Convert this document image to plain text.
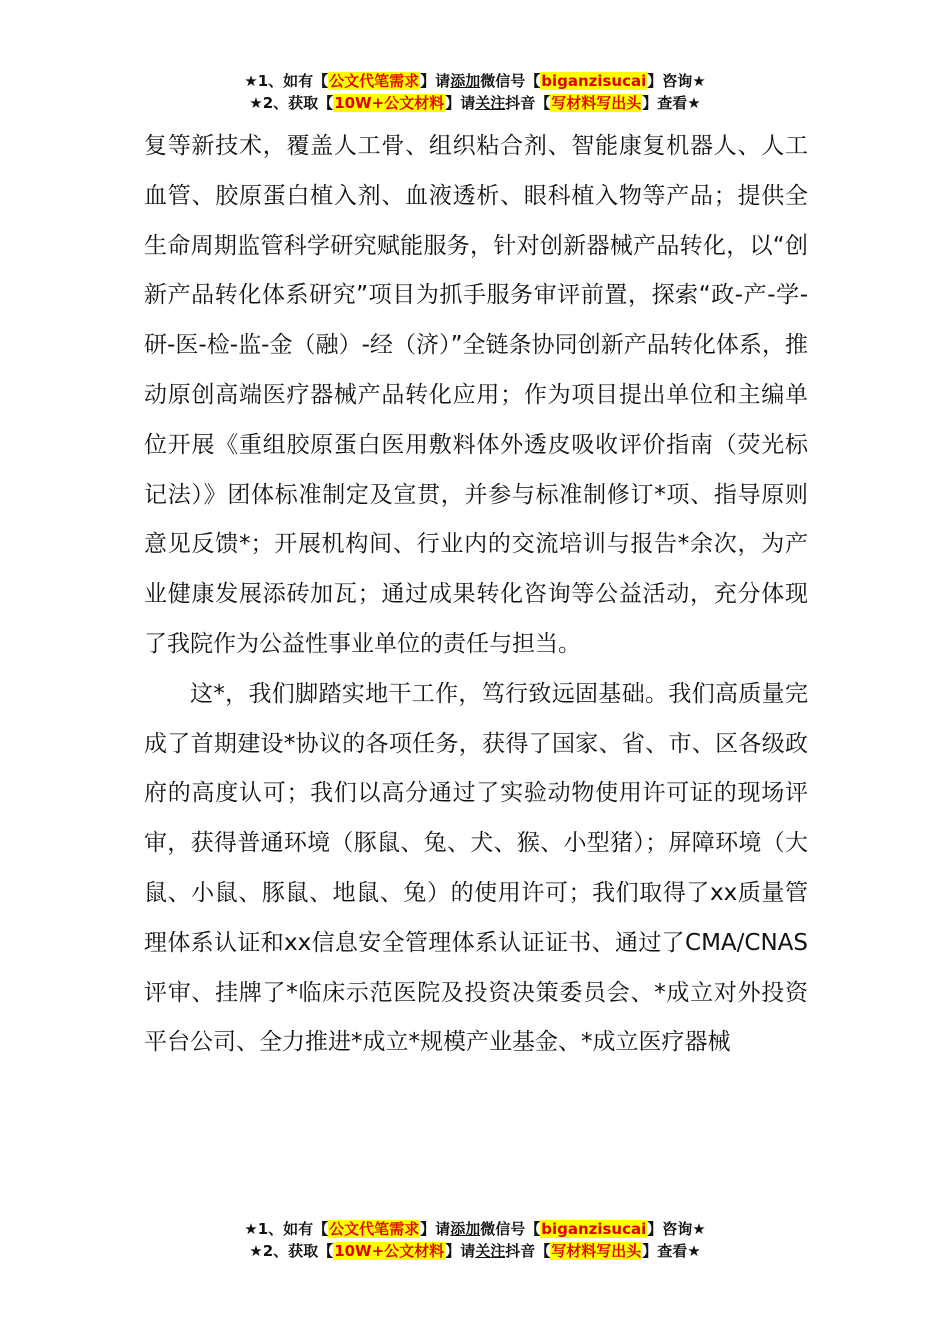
★1、如有【公文代笔需求】请添加微信号【biganzisucai】咨询★
★2、获取【10W+公文材料】请关注抖音【写材料写出头】查看★

复等新技术，覆盖人工骨、组织粘合剂、智能康复机器人、人工血管、胶原蛋白植入剂、血液透析、眼科植入物等产品；提供全生命周期监管科学研究赋能服务，针对创新器械产品转化，以“创新产品转化体系研究”项目为抓手服务审评前置，探索“政-产-学-研-医-检-监-金（融）-经（济）”全链条协同创新产品转化体系，推动原创高端医疗器械产品转化应用；作为项目提出单位和主编单位开展《重组胶原蛋白医用敷料体外透皮吸收评价指南（荧光标记法）》团体标准制定及宣贯，并参与标准制修订*项、指导原则意见反馈*；开展机构间、行业内的交流培训与报告*余次，为产业健康发展添砖加瓦；通过成果转化咨询等公益活动，充分体现了我院作为公益性事业单位的责任与担当。

这*，我们脚踏实地干工作，笃行致远固基础。我们高质量完成了首期建设*协议的各项任务，获得了国家、省、市、区各级政府的高度认可；我们以高分通过了实验动物使用许可证的现场评审，获得普通环境（豚鼠、兔、犬、猴、小型猪）；屏障环境（大鼠、小鼠、豚鼠、地鼠、兔）的使用许可；我们取得了xx质量管理体系认证和xx信息安全管理体系认证证书、通过了CMA/CNAS评审、挂牌了*临床示范医院及投资决策委员会、*成立对外投资平台公司、全力推进*成立*规模产业基金、*成立医疗器械

★1、如有【公文代笔需求】请添加微信号【biganzisucai】咨询★
★2、获取【10W+公文材料】请关注抖音【写材料写出头】查看★
